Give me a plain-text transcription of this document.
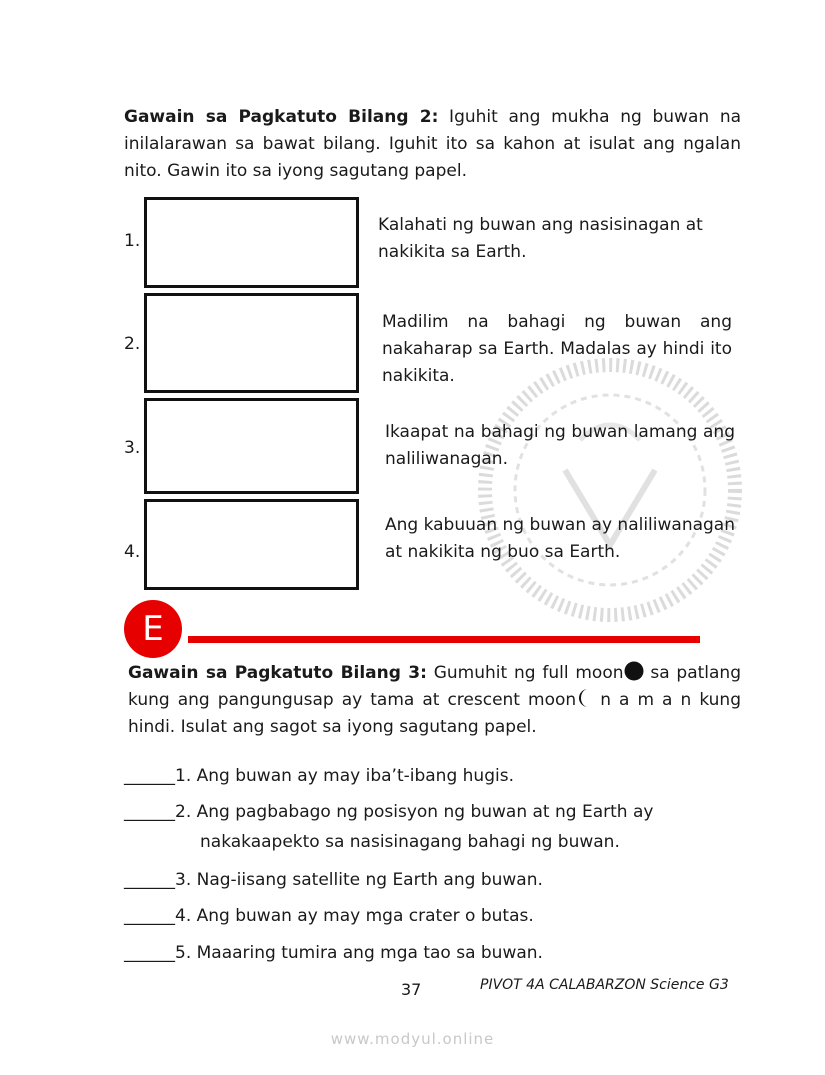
Gawain sa Pagkatuto Bilang 2: Iguhit ang mukha ng buwan na inilalarawan sa bawat bilang. Iguhit ito sa kahon at isulat ang ngalan nito. Gawin ito sa iyong sagutang papel.
1.
Kalahati ng buwan ang nasisinagan at nakikita sa Earth.
2.
Madilim na bahagi ng buwan ang nakaharap sa Earth. Madalas ay hindi ito nakikita.
3.
Ikaapat na bahagi ng buwan lamang ang naliliwanagan.
4.
Ang kabuuan ng buwan ay naliliwanagan at nakikita ng buo sa Earth.
E
Gawain sa Pagkatuto Bilang 3: Gumuhit ng full moon sa patlang kung ang pangungusap ay tama at crescent moon n a m a n kung hindi. Isulat ang sagot sa iyong sagutang papel.
______1. Ang buwan ay may iba’t-ibang hugis.
______2. Ang pagbabago ng posisyon ng buwan at ng Earth ay
nakakaapekto sa nasisinagang bahagi ng buwan.
______3. Nag-iisang satellite ng Earth ang buwan.
______4. Ang buwan ay may mga crater o butas.
______5. Maaaring tumira ang mga tao sa buwan.
37	PIVOT 4A CALABARZON Science G3
www.modyul.online
